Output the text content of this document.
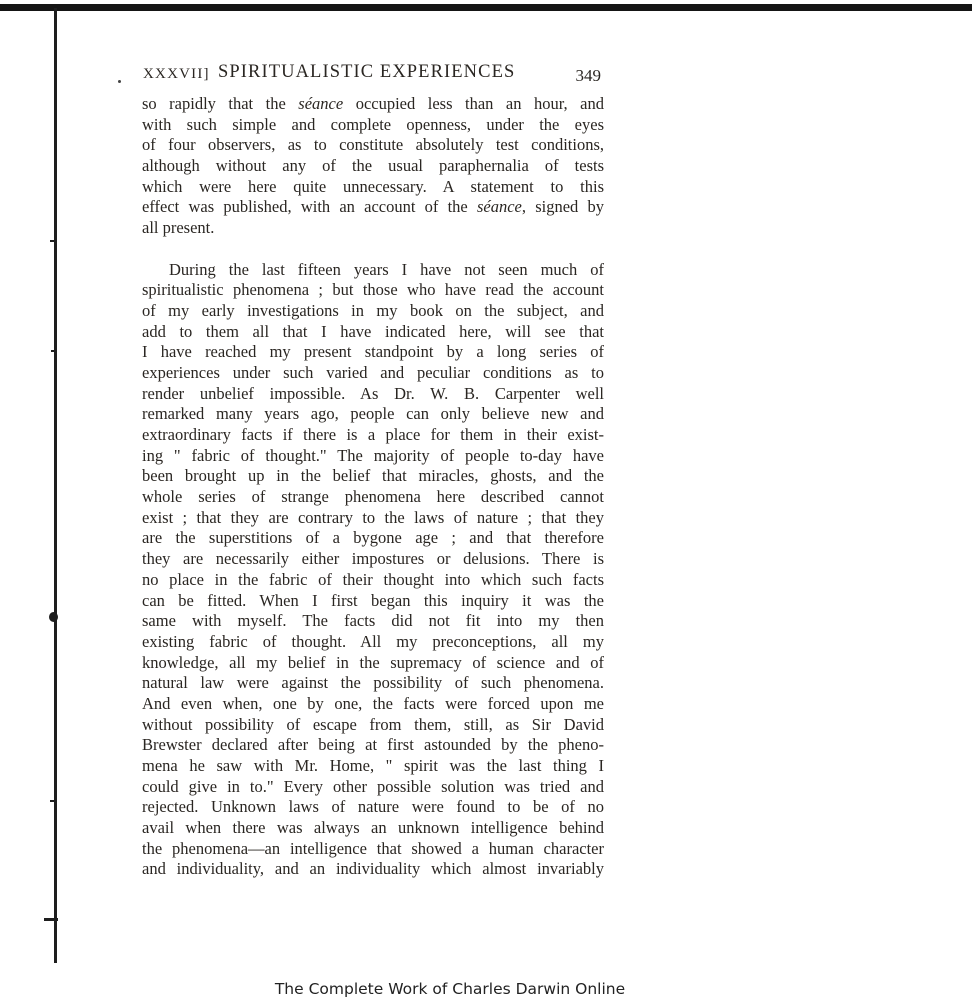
XXXVII] SPIRITUALISTIC EXPERIENCES	349
so rapidly that the séance occupied less than an hour, and
with such simple and complete openness, under the eyes
of four observers, as to constitute absolutely test conditions,
although without any of the usual paraphernalia of tests
which were here quite unnecessary. A statement to this
effect was published, with an account of the séance, signed by
all present.
During the last fifteen years I have not seen much of
spiritualistic phenomena ; but those who have read the account
of my early investigations in my book on the subject, and
add to them all that I have indicated here, will see that
I have reached my present standpoint by a long series of
experiences under such varied and peculiar conditions as to
render unbelief impossible. As Dr. W. B. Carpenter well
remarked many years ago, people can only believe new and
extraordinary facts if there is a place for them in their exist-
ing " fabric of thought." The majority of people to-day have
been brought up in the belief that miracles, ghosts, and the
whole series of strange phenomena here described cannot
exist ; that they are contrary to the laws of nature ; that they
are the superstitions of a bygone age ; and that therefore
they are necessarily either impostures or delusions. There is
no place in the fabric of their thought into which such facts
can be fitted. When I first began this inquiry it was the
same with myself. The facts did not fit into my then
existing fabric of thought. All my preconceptions, all my
knowledge, all my belief in the supremacy of science and of
natural law were against the possibility of such phenomena.
And even when, one by one, the facts were forced upon me
without possibility of escape from them, still, as Sir David
Brewster declared after being at first astounded by the pheno-
mena he saw with Mr. Home, " spirit was the last thing I
could give in to." Every other possible solution was tried and
rejected. Unknown laws of nature were found to be of no
avail when there was always an unknown intelligence behind
the phenomena—an intelligence that showed a human character
and individuality, and an individuality which almost invariably
The Complete Work of Charles Darwin Online
